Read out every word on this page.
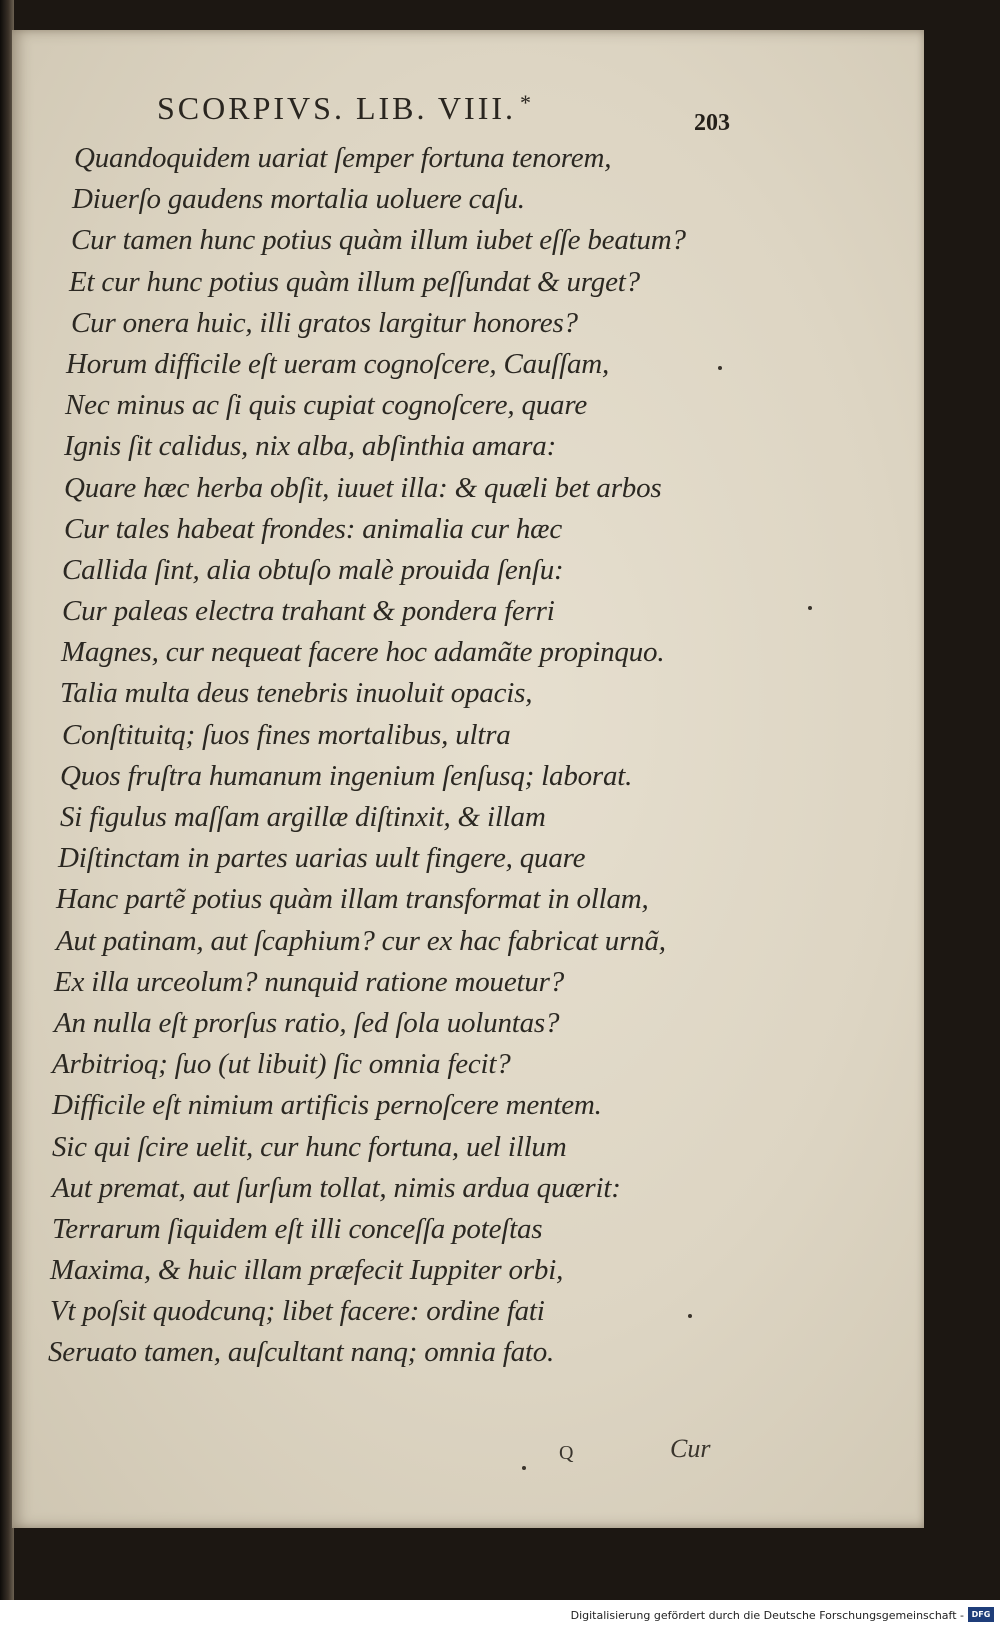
SCORPIVS. LIB. VIII. *
203
Quandoquidem uariat ſemper fortuna tenorem,
Diuerſo gaudens mortalia uoluere caſu.
Cur tamen hunc potius quàm illum iubet eſſe beatum?
Et cur hunc potius quàm illum peſſundat & urget?
Cur onera huic, illi gratos largitur honores?
Horum difficile eſt ueram cognoſcere, Cauſſam,
Nec minus ac ſi quis cupiat cognoſcere, quare
Ignis ſit calidus, nix alba, abſinthia amara:
Quare hæc herba obſit, iuuet illa: & quæli bet arbos
Cur tales habeat frondes: animalia cur hæc
Callida ſint, alia obtuſo malè prouida ſenſu:
Cur paleas electra trahant & pondera ferri
Magnes, cur nequeat facere hoc adamãte propinquo.
Talia multa deus tenebris inuoluit opacis,
Conſtituitq; ſuos fines mortalibus, ultra
Quos fruſtra humanum ingenium ſenſusq; laborat.
Si figulus maſſam argillæ diſtinxit, & illam
Diſtinctam in partes uarias uult fingere, quare
Hanc partẽ potius quàm illam transformat in ollam,
Aut patinam, aut ſcaphium? cur ex hac fabricat urnã,
Ex illa urceolum? nunquid ratione mouetur?
An nulla eſt prorſus ratio, ſed ſola uoluntas?
Arbitrioq; ſuo (ut libuit) ſic omnia fecit?
Difficile eſt nimium artificis pernoſcere mentem.
Sic qui ſcire uelit, cur hunc fortuna, uel illum
Aut premat, aut ſurſum tollat, nimis ardua quærit:
Terrarum ſiquidem eſt illi conceſſa poteſtas
Maxima, & huic illam præfecit Iuppiter orbi,
Vt poſsit quodcunq; libet facere: ordine fati
Seruato tamen, auſcultant nanq; omnia fato.
Q	Cur
Digitalisierung gefördert durch die Deutsche Forschungsgemeinschaft - DFG
